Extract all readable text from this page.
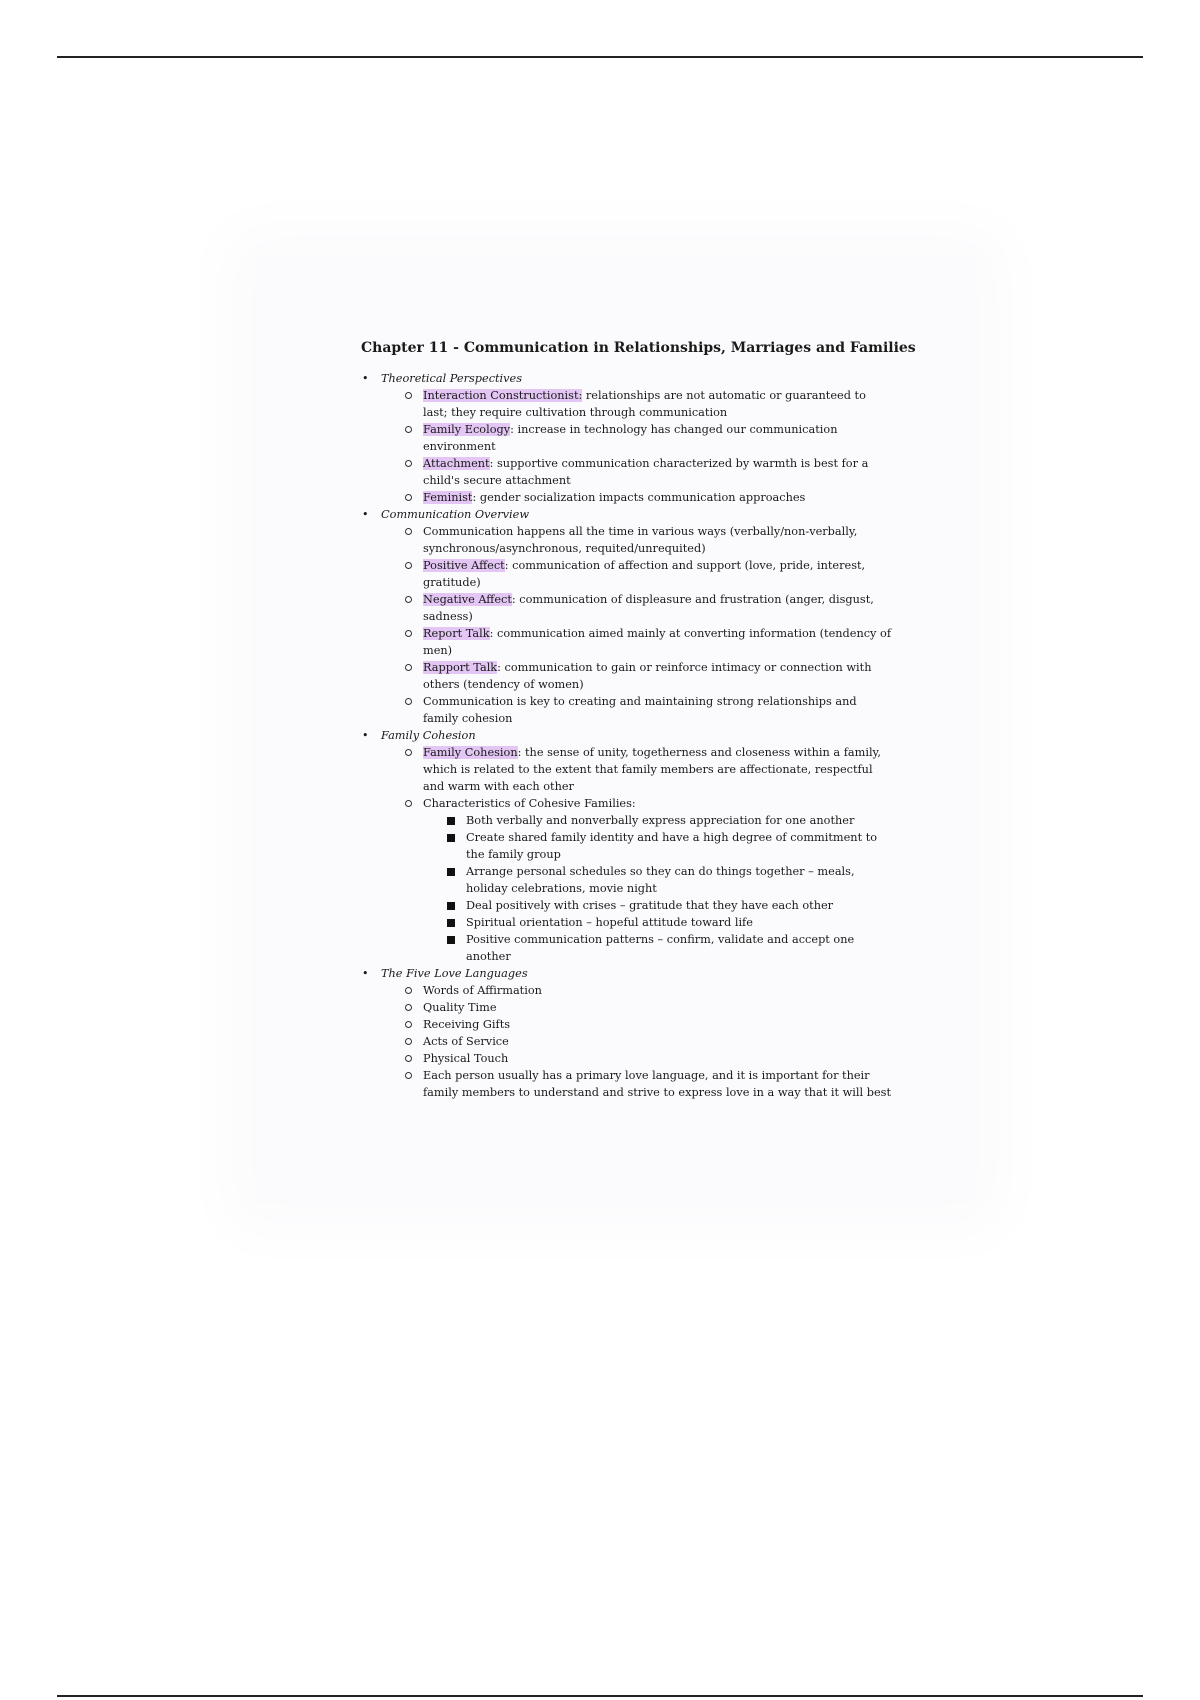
Chapter 11 - Communication in Relationships, Marriages and Families
• Theoretical Perspectives
Interaction Constructionist: relationships are not automatic or guaranteed to last; they require cultivation through communication
Family Ecology: increase in technology has changed our communication environment
Attachment: supportive communication characterized by warmth is best for a child's secure attachment
Feminist: gender socialization impacts communication approaches
• Communication Overview
Communication happens all the time in various ways (verbally/non-verbally, synchronous/asynchronous, requited/unrequited)
Positive Affect: communication of affection and support (love, pride, interest, gratitude)
Negative Affect: communication of displeasure and frustration (anger, disgust, sadness)
Report Talk: communication aimed mainly at converting information (tendency of men)
Rapport Talk: communication to gain or reinforce intimacy or connection with others (tendency of women)
Communication is key to creating and maintaining strong relationships and family cohesion
• Family Cohesion
Family Cohesion: the sense of unity, togetherness and closeness within a family, which is related to the extent that family members are affectionate, respectful and warm with each other
Characteristics of Cohesive Families:
Both verbally and nonverbally express appreciation for one another
Create shared family identity and have a high degree of commitment to the family group
Arrange personal schedules so they can do things together – meals, holiday celebrations, movie night
Deal positively with crises – gratitude that they have each other
Spiritual orientation – hopeful attitude toward life
Positive communication patterns – confirm, validate and accept one another
• The Five Love Languages
Words of Affirmation
Quality Time
Receiving Gifts
Acts of Service
Physical Touch
Each person usually has a primary love language, and it is important for their family members to understand and strive to express love in a way that it will best
